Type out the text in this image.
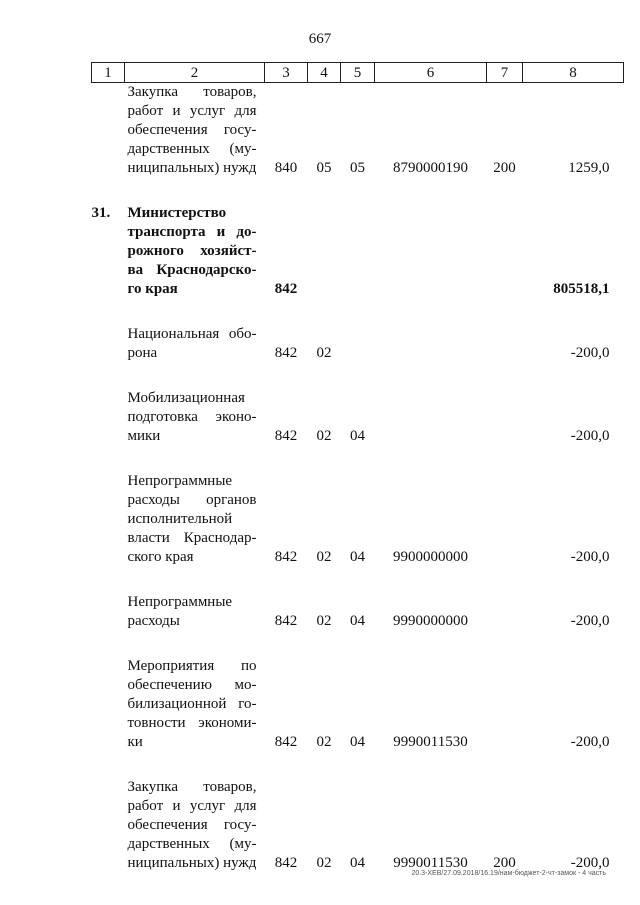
667
1	2	3	4	5	6	7	8
	Закупка товаров, работ и услуг для обеспечения госу-дарственных (му-ниципальных) нужд	840	05	05	8790000190	200	1259,0

31.	Министерство транспорта и до-рожного хозяйст-ва Краснодарско-го края	842					805518,1

	Национальная обо-рона	842	02				-200,0

	Мобилизационная подготовка эконо-мики	842	02	04			-200,0

	Непрограммные расходы органов исполнительной власти Краснодар-ского края	842	02	04	9900000000		-200,0

	Непрограммные расходы	842	02	04	9990000000		-200,0

	Мероприятия по обеспечению мо-билизационной го-товности экономи-ки	842	02	04	9990011530		-200,0

	Закупка товаров, работ и услуг для обеспечения госу-дарственных (му-ниципальных) нужд	842	02	04	9990011530	200	-200,0
20.3-ХЕВ/27.09.2018/16.19/нам-бюджет-2-чт-замок - 4 часть
